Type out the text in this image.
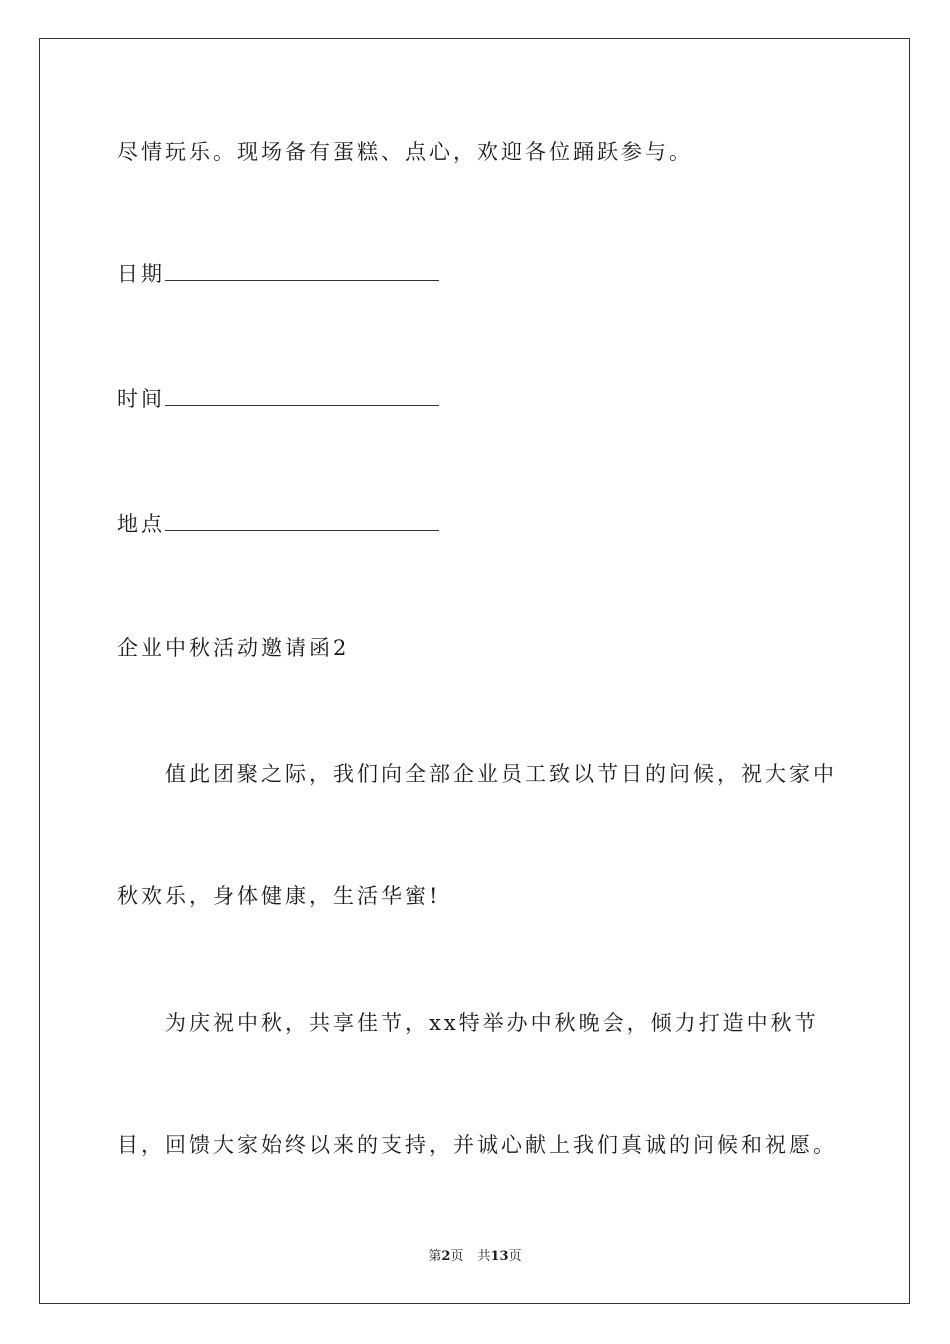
尽情玩乐。现场备有蛋糕、点心，欢迎各位踊跃参与。
日期
时间
地点
企业中秋活动邀请函2
值此团聚之际，我们向全部企业员工致以节日的问候，祝大家中
秋欢乐，身体健康，生活华蜜!
为庆祝中秋，共享佳节，xx特举办中秋晚会，倾力打造中秋节
目，回馈大家始终以来的支持，并诚心献上我们真诚的问候和祝愿。
第2页 共13页
